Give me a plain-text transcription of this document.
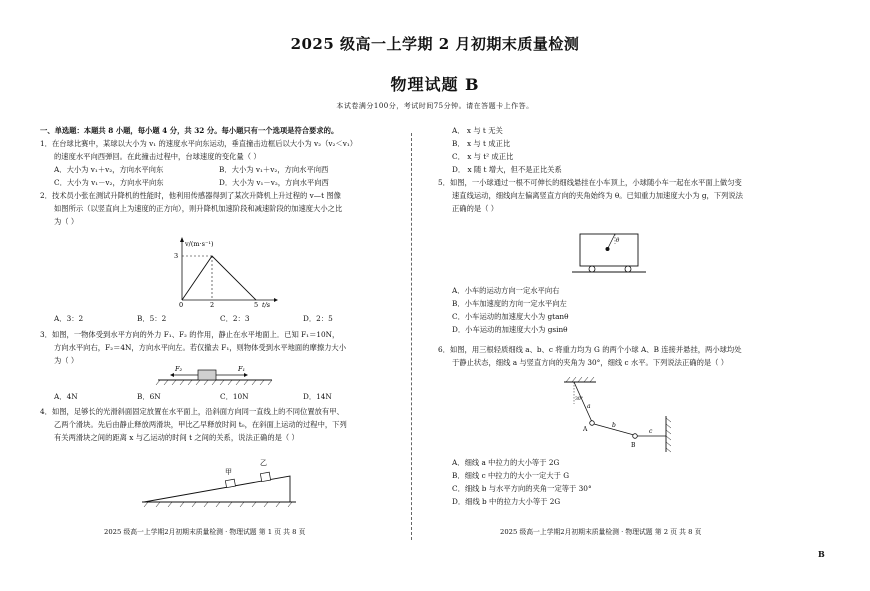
2025 级高一上学期 2 月初期末质量检测
物理试题 B
本试卷满分100分，考试时间75分钟。请在答题卡上作答。
一、单选题：本题共 8 小题，每小题 4 分，共 32 分。每小题只有一个选项是符合要求的。
1．在台球比赛中，某球以大小为 v₁ 的速度水平向东运动，垂直撞击边框后以大小为 v₂（v₂＜v₁）
的速度水平向西弹回。在此撞击过程中，台球速度的变化量（ ）
A．大小为 v₁＋v₂，方向水平向东	B．大小为 v₁＋v₂，方向水平向西
C．大小为 v₁－v₂，方向水平向东	D．大小为 v₁－v₂，方向水平向西
2．技术员小张在测试升降机的性能时，他利用传感器得到了某次升降机上升过程的 v—t 图像
如图所示（以竖直向上为速度的正方向），则升降机加速阶段和减速阶段的加速度大小之比
为（ ）
v/(m·s⁻¹)
3
0	2	5 t/s
A．3：2	B．5：2	C．2：3	D．2：5
3．如图，一物体受到水平方向的外力 F₁、F₂ 的作用，静止在水平地面上．已知 F₁＝10N，
方向水平向右，F₂＝4N，方向水平向左。若仅撤去 F₁，则物体受到水平地面的摩擦力大小
为（ ）
F₂	F₁
A．4N	B．6N	C．10N	D．14N
4．如图，足够长的光滑斜面固定放置在水平面上，沿斜面方向同一直线上的不同位置放有甲、
乙两个滑块。先后由静止释放两滑块，甲比乙早释放时间 t₀，在斜面上运动的过程中，下列
有关两滑块之间的距离 x 与乙运动的时间 t 之间的关系，说法正确的是（ ）
甲
乙
2025 级高一上学期2月初期末质量检测 · 物理试题 第 1 页 共 8 页
A． x 与 t 无关
B． x 与 t 成正比
C． x 与 t² 成正比
D． x 随 t 增大，但不是正比关系
5．如图，一小球通过一根不可伸长的细线悬挂在小车顶上，小球随小车一起在水平面上做匀变
速直线运动，细线向左偏离竖直方向的夹角始终为 θ。已知重力加速度大小为 g，下列说法
正确的是（ ）
θ
A．小车的运动方向一定水平向右
B．小车加速度的方向一定水平向左
C．小车运动的加速度大小为 gtanθ
D．小车运动的加速度大小为 gsinθ
6．如图，用三根轻质细线 a、b、c 将重力均为 G 的两个小球 A、B 连接并悬挂，两小球均处
于静止状态，细线 a 与竖直方向的夹角为 30°，细线 c 水平。下列说法正确的是（ ）
30°
a
b
c
A
B
A．细线 a 中拉力的大小等于 2G
B．细线 c 中拉力的大小一定大于 G
C．细线 b 与水平方向的夹角一定等于 30°
D．细线 b 中的拉力大小等于 2G
2025 级高一上学期2月初期末质量检测 · 物理试题 第 2 页 共 8 页
B
